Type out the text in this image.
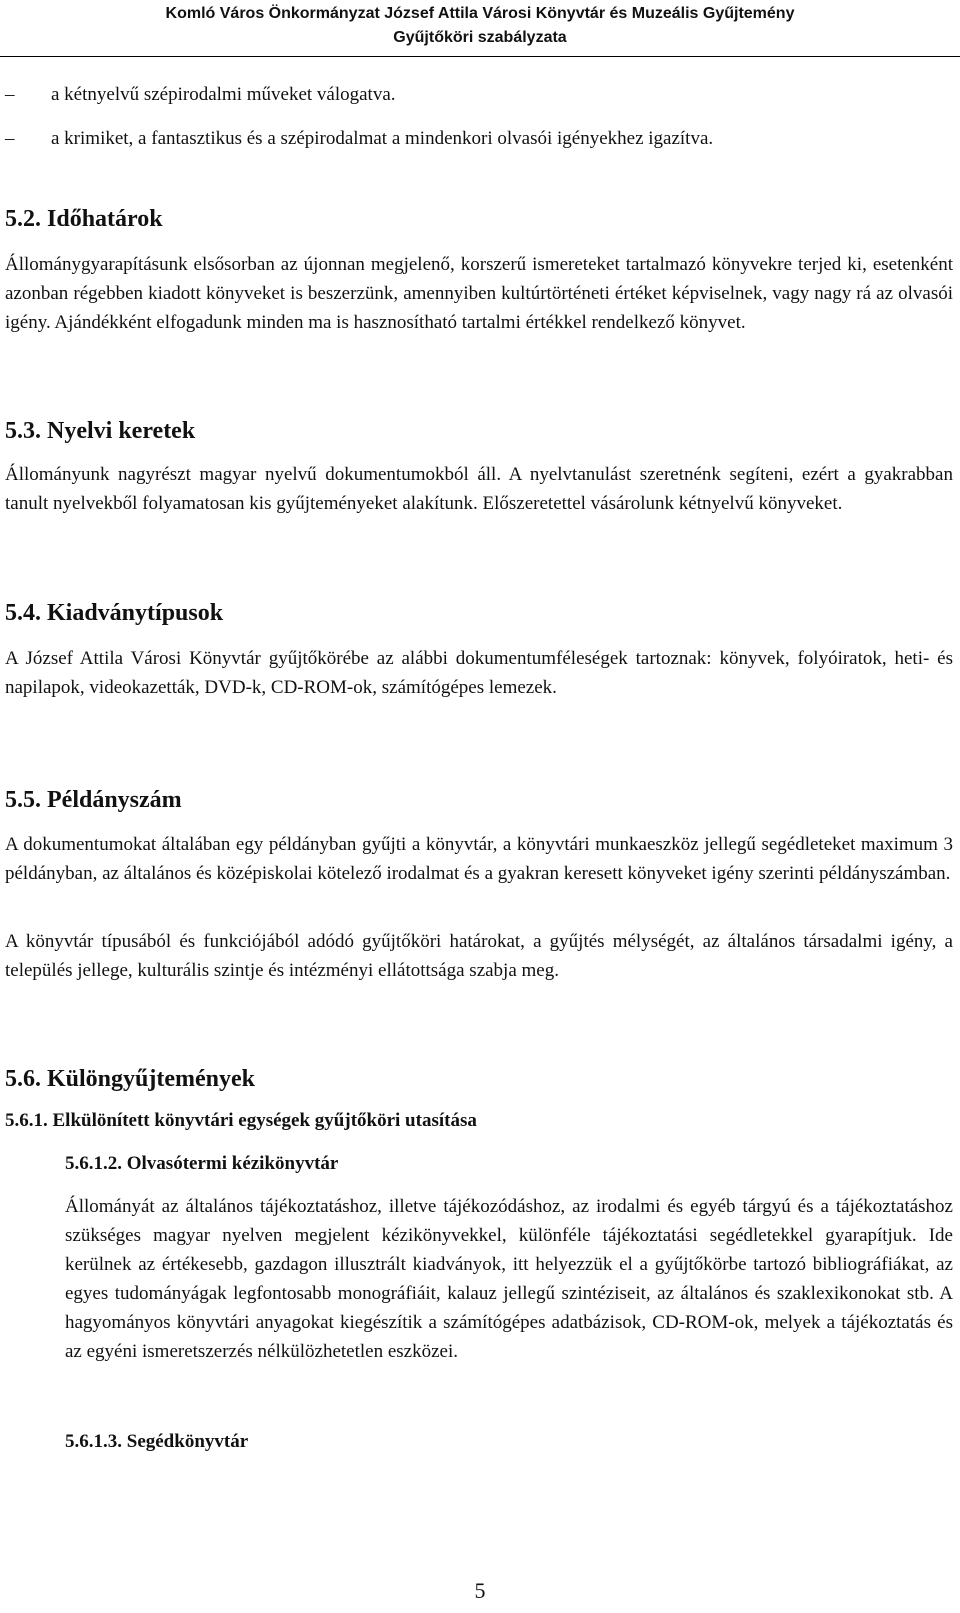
Komló Város Önkormányzat József Attila Városi Könyvtár és Muzeális Gyűjtemény
Gyűjtőköri szabályzata
–	a kétnyelvű szépirodalmi műveket válogatva.
–	a krimiket, a fantasztikus és a szépirodalmat a mindenkori olvasói igényekhez igazítva.
5.2. Időhatárok
Állománygyarapításunk elsősorban az újonnan megjelenő, korszerű ismereteket tartalmazó könyvekre terjed ki, esetenként azonban régebben kiadott könyveket is beszerzünk, amennyiben kultúrtörténeti értéket képviselnek, vagy nagy rá az olvasói igény. Ajándékként elfogadunk minden ma is hasznosítható tartalmi értékkel rendelkező könyvet.
5.3. Nyelvi keretek
Állományunk nagyrészt magyar nyelvű dokumentumokból áll. A nyelvtanulást szeretnénk segíteni, ezért a gyakrabban tanult nyelvekből folyamatosan kis gyűjteményeket alakítunk. Előszeretettel vásárolunk kétnyelvű könyveket.
5.4. Kiadványtípusok
A József Attila Városi Könyvtár gyűjtőkörébe az alábbi dokumentumféleségek tartoznak: könyvek, folyóiratok, heti- és napilapok, videokazetták, DVD-k, CD-ROM-ok, számítógépes lemezek.
5.5. Példányszám
A dokumentumokat általában egy példányban gyűjti a könyvtár, a könyvtári munkaeszköz jellegű segédleteket maximum 3 példányban, az általános és középiskolai kötelező irodalmat és a gyakran keresett könyveket igény szerinti példányszámban.
A könyvtár típusából és funkciójából adódó gyűjtőköri határokat, a gyűjtés mélységét, az általános társadalmi igény, a település jellege, kulturális szintje és intézményi ellátottsága szabja meg.
5.6. Különgyűjtemények
5.6.1. Elkülönített könyvtári egységek gyűjtőköri utasítása
5.6.1.2. Olvasótermi kézikönyvtár
Állományát az általános tájékoztatáshoz, illetve tájékozódáshoz, az irodalmi és egyéb tárgyú és a tájékoztatáshoz szükséges magyar nyelven megjelent kézikönyvekkel, különféle tájékoztatási segédletekkel gyarapítjuk. Ide kerülnek az értékesebb, gazdagon illusztrált kiadványok, itt helyezzük el a gyűjtőkörbe tartozó bibliográfiákat, az egyes tudományágak legfontosabb monográfiáit, kalauz jellegű szintéziseit, az általános és szaklexikonokat stb. A hagyományos könyvtári anyagokat kiegészítik a számítógépes adatbázisok, CD-ROM-ok, melyek a tájékoztatás és az egyéni ismeretszerzés nélkülözhetetlen eszközei.
5.6.1.3. Segédkönyvtár
5
